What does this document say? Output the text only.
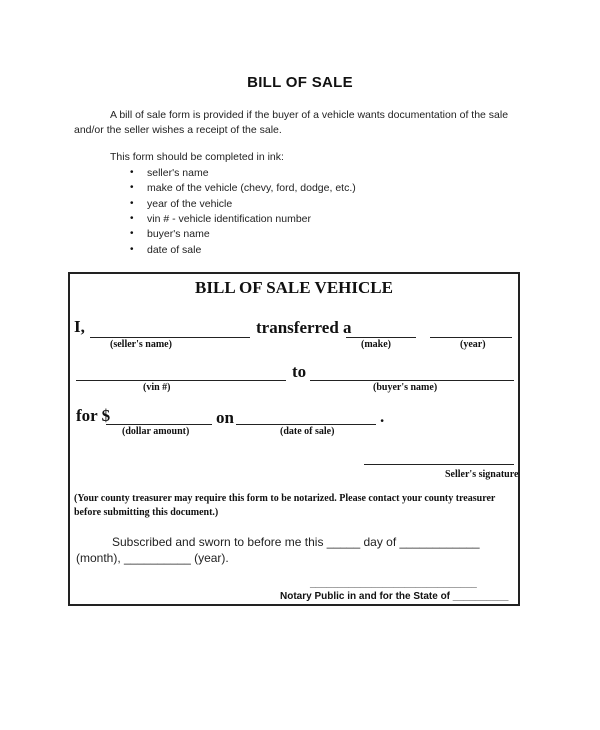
BILL OF SALE
A bill of sale form is provided if the buyer of a vehicle wants documentation of the sale
and/or the seller wishes a receipt of the sale.
This form should be completed in ink:
• seller's name
• make of the vehicle (chevy, ford, dodge, etc.)
• year of the vehicle
• vin # - vehicle identification number
• buyer's name
• date of sale
BILL OF SALE VEHICLE
I,	transferred a
(seller's name)	(make)	(year)
to
(vin #)	(buyer's name)
for $	on	.
(dollar amount)	(date of sale)
Seller's signature
(Your county treasurer may require this form to be notarized. Please contact your county treasurer before submitting this document.)
Subscribed and sworn to before me this _____ day of ____________
(month), __________ (year).
______________________________
Notary Public in and for the State of __________
